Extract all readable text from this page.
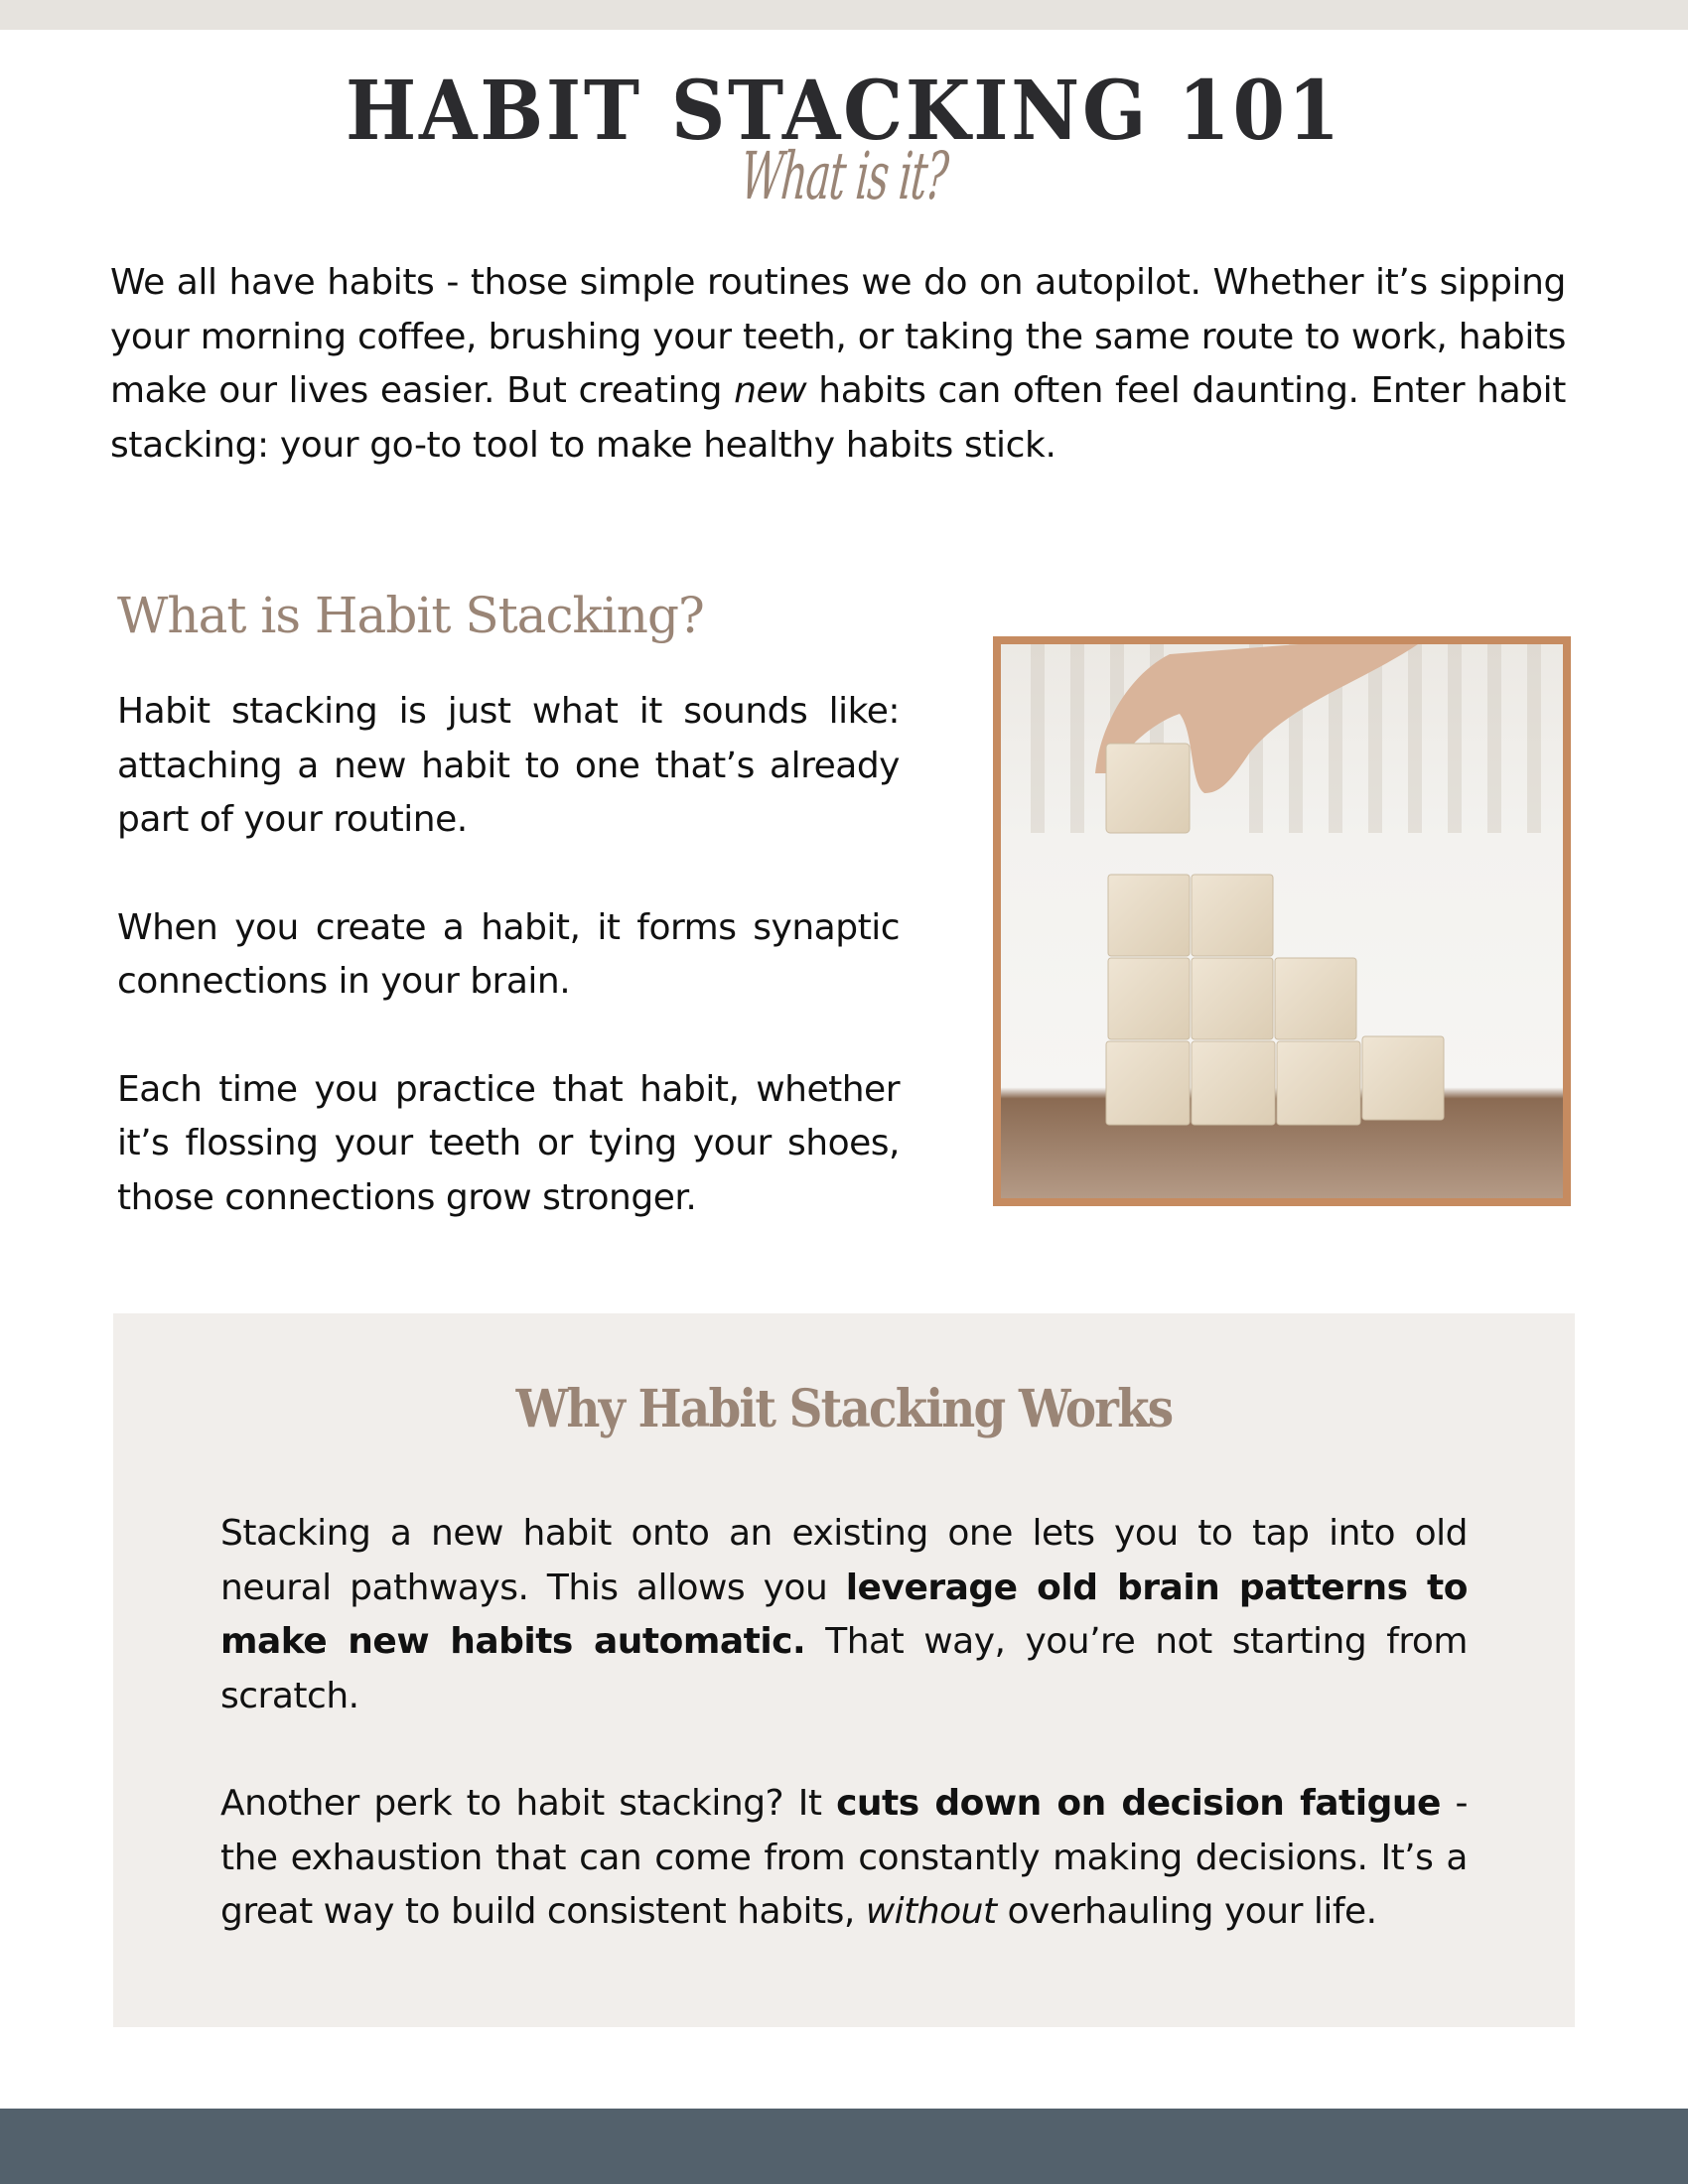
HABIT STACKING 101
What is it?

We all have habits - those simple routines we do on autopilot. Whether it’s sipping your morning coffee, brushing your teeth, or taking the same route to work, habits make our lives easier. But creating new habits can often feel daunting. Enter habit stacking: your go-to tool to make healthy habits stick.

What is Habit Stacking?

Habit stacking is just what it sounds like: attaching a new habit to one that’s already part of your routine.

When you create a habit, it forms synaptic connections in your brain.

Each time you practice that habit, whether it’s flossing your teeth or tying your shoes, those connections grow stronger.

Why Habit Stacking Works

Stacking a new habit onto an existing one lets you to tap into old neural pathways. This allows you leverage old brain patterns to make new habits automatic. That way, you’re not starting from scratch.

Another perk to habit stacking? It cuts down on decision fatigue - the exhaustion that can come from constantly making decisions. It’s a great way to build consistent habits, without overhauling your life.
